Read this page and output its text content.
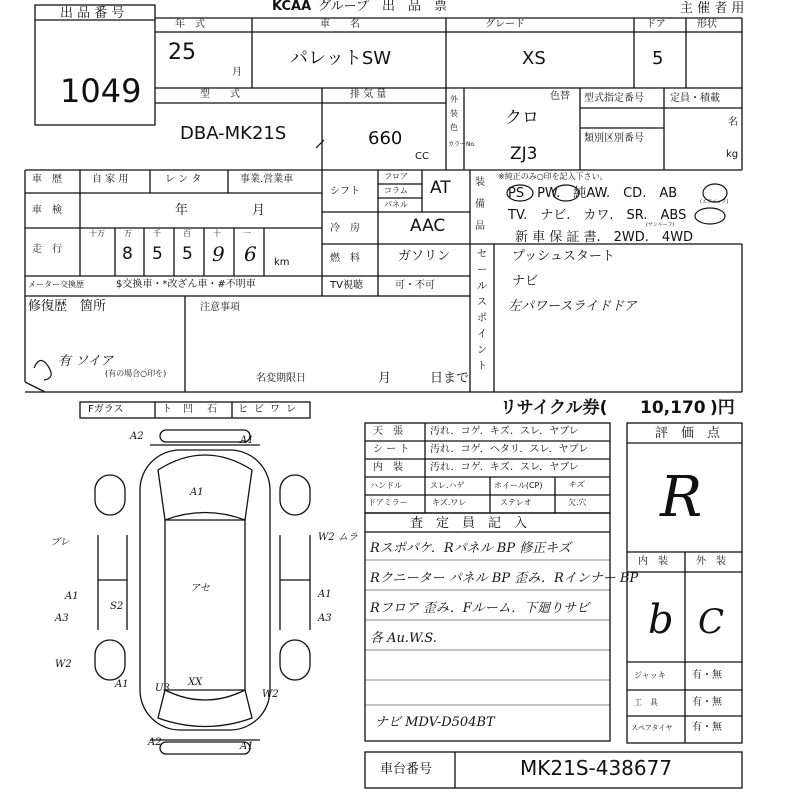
出 品 番 号
1049
KCAA グループ　出　品　票	主 催 者 用
年　式
25
月
車　　名
パレットSW
グレード
XS
ドア
5
形状
型　　式
DBA-MK21S
排 気 量
660
CC
外
装
色
カラーNo.
色替
クロ
ZJ3
型式指定番号
類別区別番号
定員・積載
名
kg
車　歴	自 家 用	レ ン タ	事業.営業車
車　検	年	月
走　行
十万 万	千	百	十	一
8 5 5 9 6 km
メーター交換歴	$交換車・*改ざん車・#不明車
シフト
フロア
コラム
パネル
AT
冷　房	AAC
燃　料	ガソリン
TV視聴	可・不可
装
備
品
※純正のみ○印を記入下さい。
PS　PW.　純AW.　CD.　AB
(エアバック)
TV.　ナビ.　カワ.　SR.　ABS
(サンルーフ)
新 車 保 証 書.　2WD.　4WD
セ
ー
ル
ス
ポ
イ
ン
ト
プッシュスタート
ナビ
左パワースライドドア
修復歴　箇所
有 ソイア
(有の場合○印を)
注意事項
名変期限日	月	日まで
Fガラス	ト 凹 石 ヒ ビ ワ レ	リサイクル券( 10,170 )円
天　張	汚れ．コゲ．キズ．スレ．ヤブレ
シ ー ト 汚れ．コゲ．ヘタリ．スレ．ヤブレ
内　装	汚れ．コゲ．キズ．スレ．ヤブレ
ハンドル	スレ.ハゲ	ホイール(CP)	キズ
ドアミラー	キズ.ワレ	ステレオ	欠.穴
査　定　員　記　入
Rスポパケ．Rパネル BP 修正キズ
Rクニーター パネル BP 歪み．Rインナー BP
Rフロア 歪み．Fルーム．下廻りサビ
各 Au.W.S.
ナビ MDV-D504BT
評　価　点
R
内　装	外　装
b C
ジャッキ	有・無
工　具	有・無
スペアタイヤ 有・無
車台番号	MK21S-438677
A2	A1
A1
ブレ	W2 ムラ
A1
A3
A1
A3
W2
A1	U3
XX
W2
A2	A1
アセ
S2
